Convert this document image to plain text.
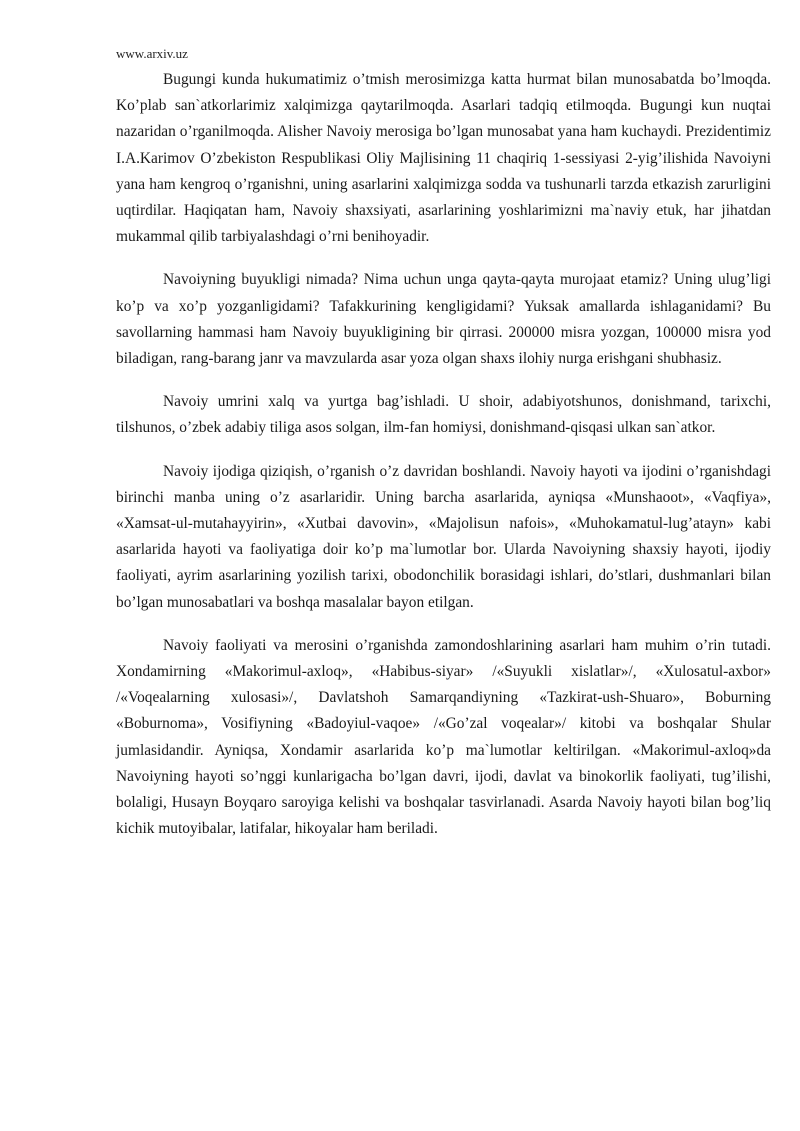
www.arxiv.uz

Bugungi kunda hukumatimiz o’tmish merosimizga katta hurmat bilan munosabatda bo’lmoqda. Ko’plab san`atkorlarimiz xalqimizga qaytarilmoqda. Asarlari tadqiq etilmoqda. Bugungi kun nuqtai nazaridan o’rganilmoqda. Alisher Navoiy merosiga bo’lgan munosabat yana ham kuchaydi. Prezidentimiz I.A.Karimov O’zbekiston Respublikasi Oliy Majlisining 11 chaqiriq 1-sessiyasi 2-yig’ilishida Navoiyni yana ham kengroq o’rganishni, uning asarlarini xalqimizga sodda va tushunarli tarzda etkazish zarurligini uqtirdilar. Haqiqatan ham, Navoiy shaxsiyati, asarlarining yoshlarimizni ma`naviy etuk, har jihatdan mukammal qilib tarbiyalashdagi o’rni benihoyadir.

Navoiyning buyukligi nimada? Nima uchun unga qayta-qayta murojaat etamiz? Uning ulug’ligi ko’p va xo’p yozganligidami? Tafakkurining kengligidami? Yuksak amallarda ishlaganidami? Bu savollarning hammasi ham Navoiy buyukligining bir qirrasi. 200000 misra yozgan, 100000 misra yod biladigan, rang-barang janr va mavzularda asar yoza olgan shaxs ilohiy nurga erishgani shubhasiz.

Navoiy umrini xalq va yurtga bag’ishladi. U shoir, adabiyotshunos, donishmand, tarixchi, tilshunos, o’zbek adabiy tiliga asos solgan, ilm-fan homiysi, donishmand-qisqasi ulkan san`atkor.

Navoiy ijodiga qiziqish, o’rganish o’z davridan boshlandi. Navoiy hayoti va ijodini o’rganishdagi birinchi manba uning o’z asarlaridir. Uning barcha asarlarida, ayniqsa «Munshaoot», «Vaqfiya», «Xamsat-ul-mutahayyirin», «Xutbai davovin», «Majolisun nafois», «Muhokamatul-lug’atayn» kabi asarlarida hayoti va faoliyatiga doir ko’p ma`lumotlar bor. Ularda Navoiyning shaxsiy hayoti, ijodiy faoliyati, ayrim asarlarining yozilish tarixi, obodonchilik borasidagi ishlari, do’stlari, dushmanlari bilan bo’lgan munosabatlari va boshqa masalalar bayon etilgan.

Navoiy faoliyati va merosini o’rganishda zamondoshlarining asarlari ham muhim o’rin tutadi. Xondamirning «Makorimul-axloq», «Habibus-siyar» /«Suyukli xislatlar»/, «Xulosatul-axbor» /«Voqealarning xulosasi»/, Davlatshoh Samarqandiyning «Tazkirat-ush-Shuaro», Boburning «Boburnoma», Vosifiyning «Badoyiul-vaqoe» /«Go’zal voqealar»/ kitobi va boshqalar Shular jumlasidandir. Ayniqsa, Xondamir asarlarida ko’p ma`lumotlar keltirilgan. «Makorimul-axloq»da Navoiyning hayoti so’nggi kunlarigacha bo’lgan davri, ijodi, davlat va binokorlik faoliyati, tug’ilishi, bolaligi, Husayn Boyqaro saroyiga kelishi va boshqalar tasvirlanadi. Asarda Navoiy hayoti bilan bog’liq kichik mutoyibalar, latifalar, hikoyalar ham beriladi.
